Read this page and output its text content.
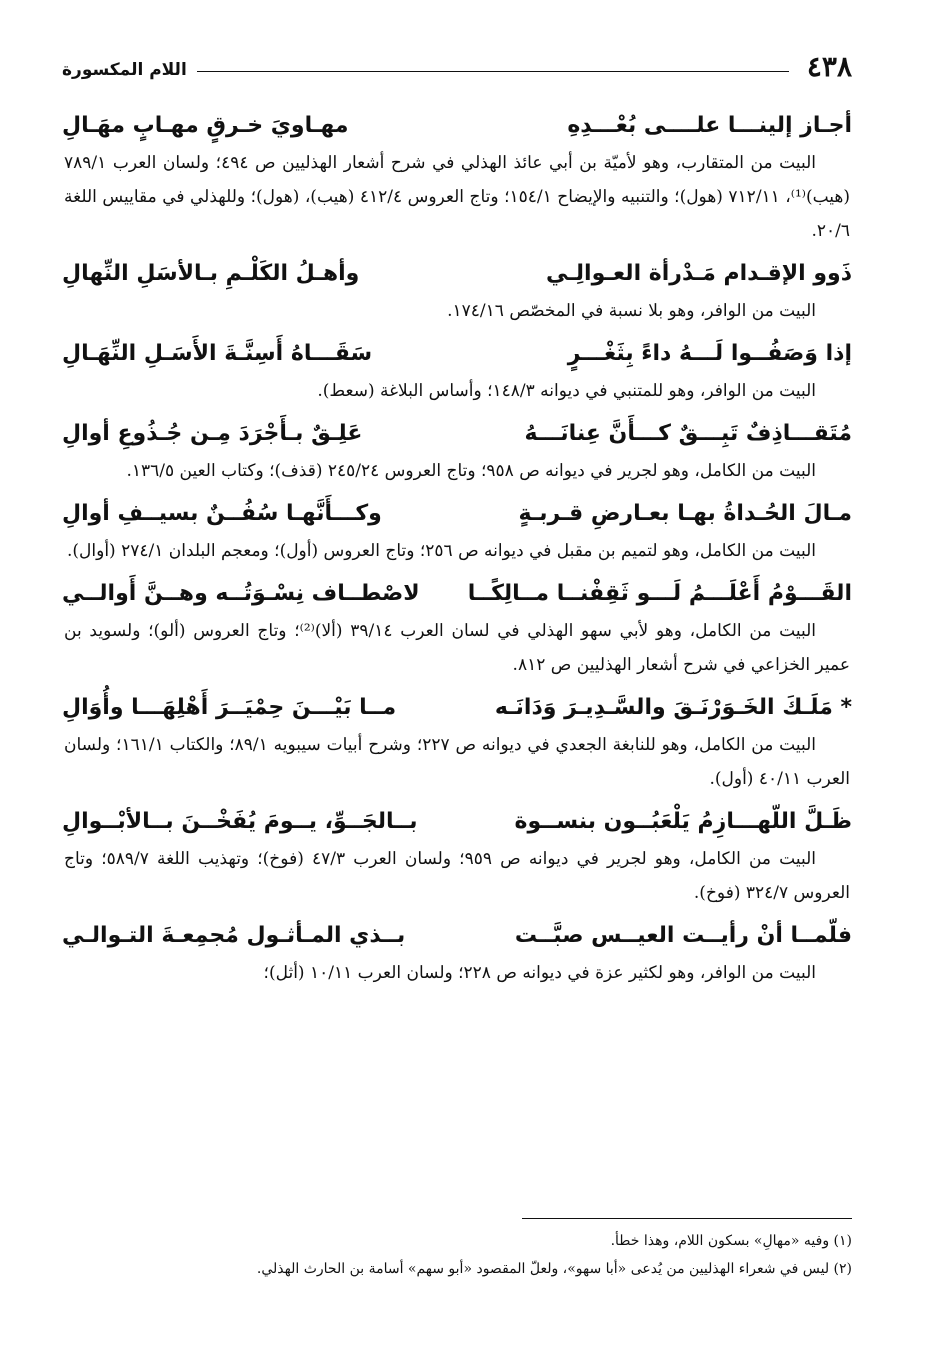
٤٣٨
اللام المكسورة
أجـاز إلينـــا علــــى بُعْـــدِهِ
مهـاويَ خـرقٍ مهـابٍ مهَـالِ
البيت من المتقارب، وهو لأميّة بن أبي عائذ الهذلي في شرح أشعار الهذليين ص ٤٩٤؛ ولسان العرب ٧٨٩/١ (هيب)⁽¹⁾، ٧١٢/١١ (هول)؛ والتنبيه والإيضاح ١٥٤/١؛ وتاج العروس ٤١٢/٤ (هيب)، (هول)؛ وللهذلي في مقاييس اللغة ٢٠/٦.
ذَوو الإقـدام مَـدْرأة العـوالِـي
وأهـلُ الكَلْـمِ بـالأسَلِ النِّهالِ
البيت من الوافر، وهو بلا نسبة في المخصّص ١٧٤/١٦.
إذا وَصَفُــوا لَـــهُ داءً بِثَغْـــرٍ
سَقَـــاهُ أَسِنَّـةَ الأَسَـلِ النِّهَـالِ
البيت من الوافر، وهو للمتنبي في ديوانه ١٤٨/٣؛ وأساس البلاغة (سعط).
مُتَقـــاذِفٌ تَبِـــقٌ كـــأَنَّ عِنانَـــهُ
عَلِـقٌ بـأَجْرَدَ مِـن جُـذُوعِ أوالِ
البيت من الكامل، وهو لجرير في ديوانه ص ٩٥٨؛ وتاج العروس ٢٤٥/٢٤ (قذف)؛ وكتاب العين ١٣٦/٥.
مـالَ الحُـداةُ بهـا بعـارضِ قـربـةٍ
وكـــأَنَّهـا سُفُــنٌ بسيــفِ أوالِ
البيت من الكامل، وهو لتميم بن مقبل في ديوانه ص ٢٥٦؛ وتاج العروس (أول)؛ ومعجم البلدان ٢٧٤/١ (أوال).
القَـــوْمُ أَعْلَـــمُ لَـــو ثَقِفْنــا مــالِكًــا
لاصْطــاف نِسْـوَتُــه وهــنَّ أَوالــي
البيت من الكامل، وهو لأبي سهو الهذلي في لسان العرب ٣٩/١٤ (ألا)⁽²⁾؛ وتاج العروس (ألو)؛ ولسويد بن عمير الخزاعي في شرح أشعار الهذليين ص ٨١٢.
* مَلَـكَ الخَـوَرْنَـقَ والسَّـدِيـرَ وَدَانَـه
مــا بَيْـــنَ حِمْيَــرَ أَهْلِهَـــا وأُوَالِ
البيت من الكامل، وهو للنابغة الجعدي في ديوانه ص ٢٢٧؛ وشرح أبيات سيبويه ٨٩/١؛ والكتاب ١٦١/١؛ ولسان العرب ٤٠/١١ (أول).
ظَـلَّ اللّهـــازِمُ يَلْعَبُــون بنســوة
بــالجَــوِّ، يــومَ يُفَخْــنَ بــالأبْــوالِ
البيت من الكامل، وهو لجرير في ديوانه ص ٩٥٩؛ ولسان العرب ٤٧/٣ (فوخ)؛ وتهذيب اللغة ٥٨٩/٧؛ وتاج العروس ٣٢٤/٧ (فوخ).
فلّمــا أنْ رأيــت العيــس صبَّــت
بــذي المـأثـول مُجمِعـةَ التـوالـي
البيت من الوافر، وهو لكثير عزة في ديوانه ص ٢٢٨؛ ولسان العرب ١٠/١١ (أثل)؛
(١) وفيه «مهالِ» بسكون اللام، وهذا خطأ.
(٢) ليس في شعراء الهذليين من يُدعى «أبا سهو»، ولعلّ المقصود «أبو سهم» أسامة بن الحارث الهذلي.
